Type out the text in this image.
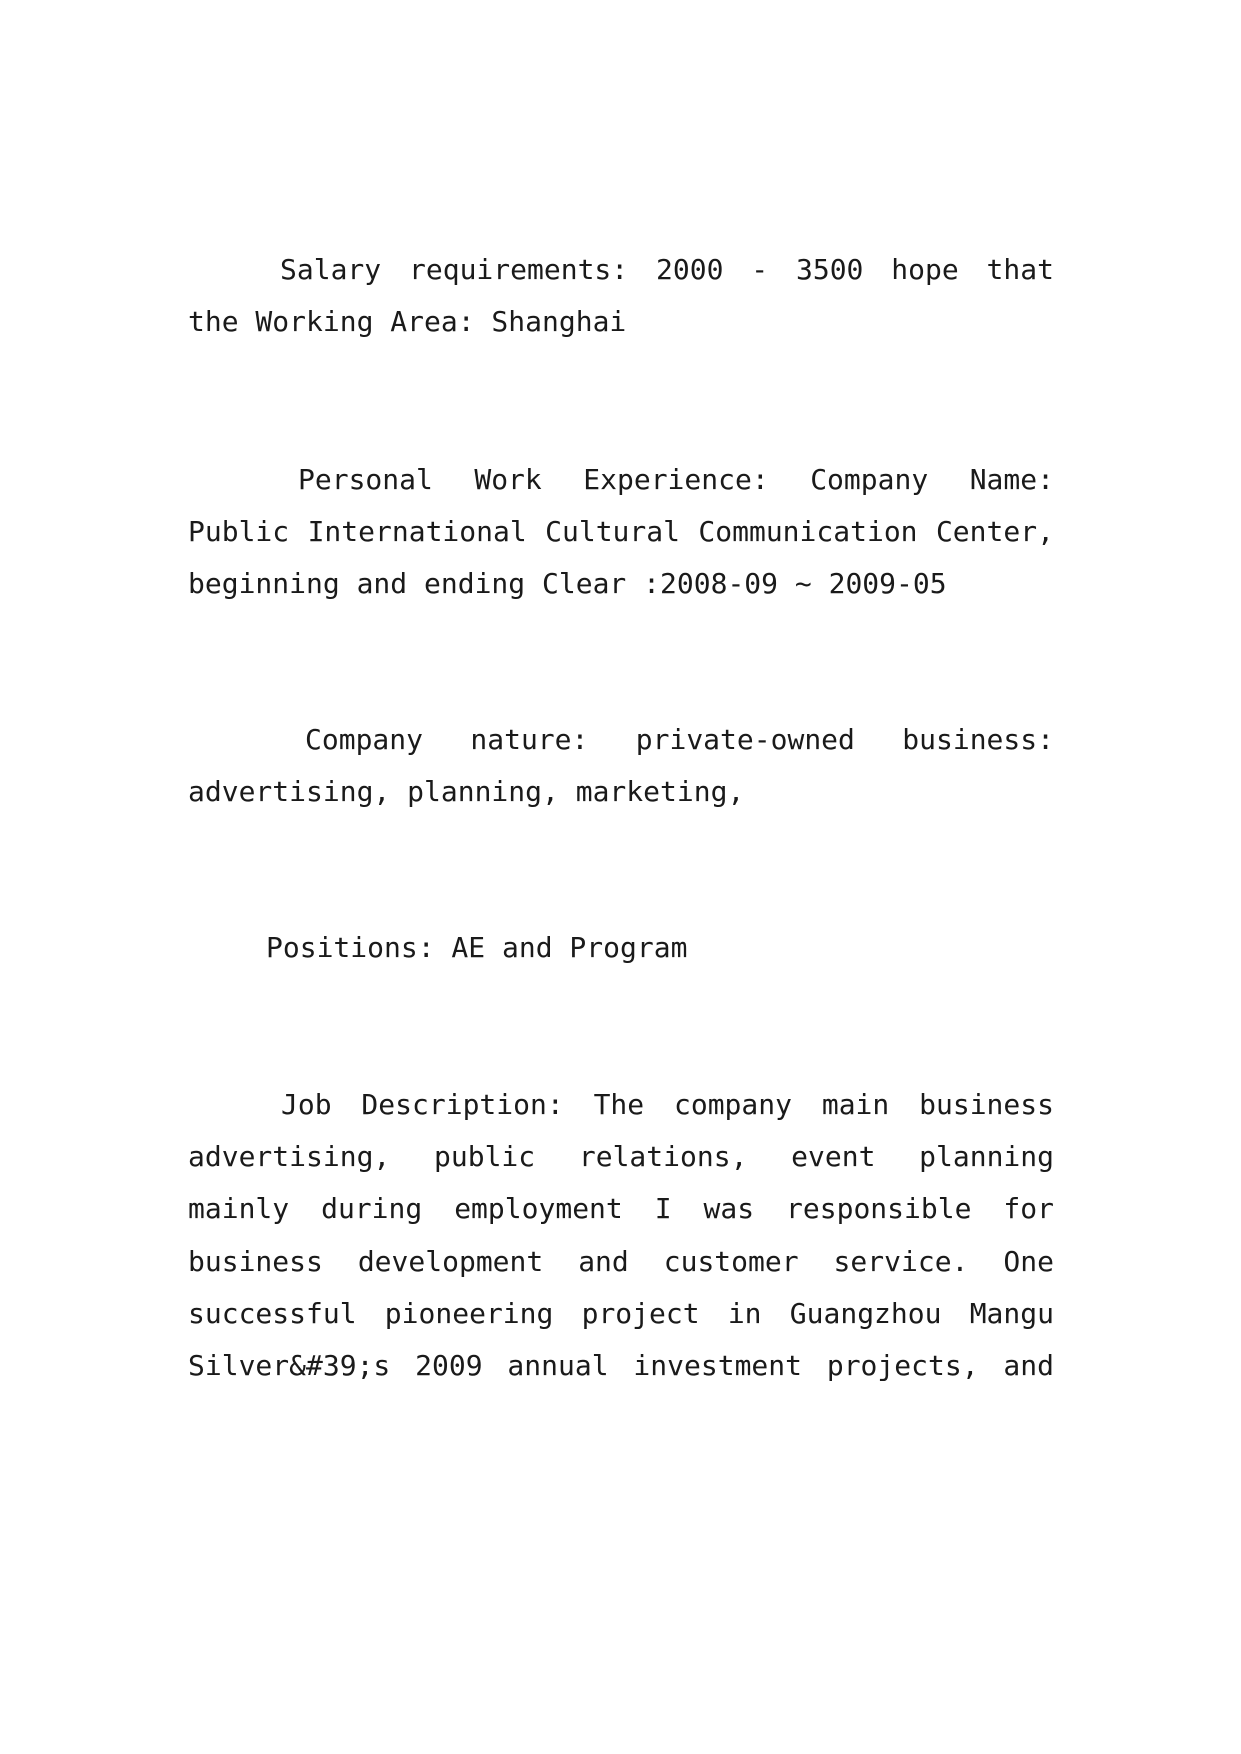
Salary requirements: 2000 - 3500 hope that
the Working Area: Shanghai
Personal Work Experience: Company Name:
Public International Cultural Communication Center,
beginning and ending Clear :2008-09 ~ 2009-05
Company nature: private-owned business:
advertising, planning, marketing,
Positions: AE and Program
Job Description: The company main business
advertising, public relations, event planning
mainly during employment I was responsible for
business development and customer service. One
successful pioneering project in Guangzhou Mangu
Silver&#39;s 2009 annual investment projects, and
